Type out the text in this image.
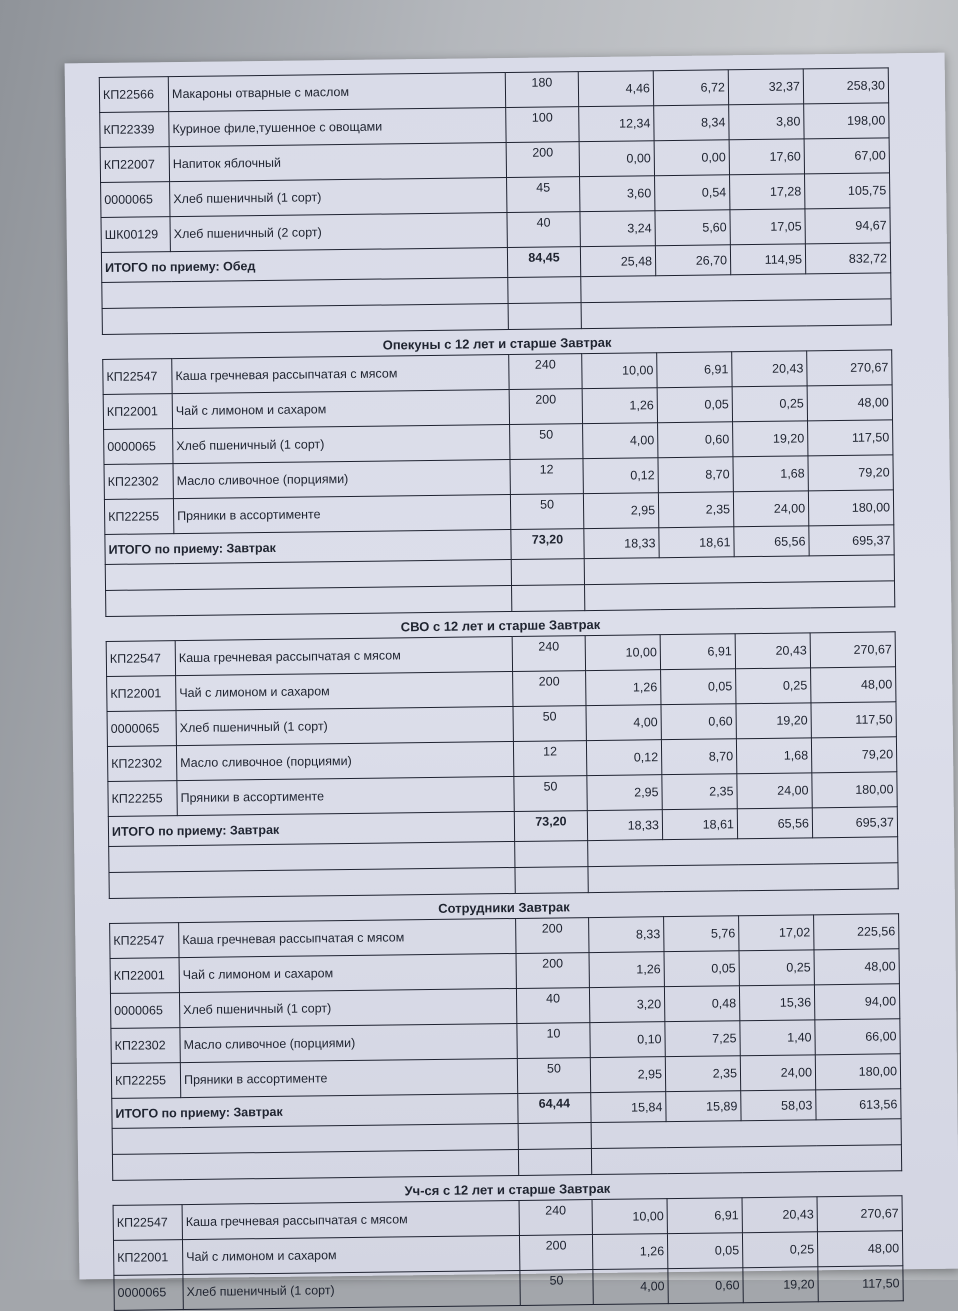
КП22566	Макароны отварные с маслом	180	4,46	6,72	32,37	258,30
КП22339	Куриное филе,тушенное с овощами	100	12,34	8,34	3,80	198,00
КП22007	Напиток яблочный	200	0,00	0,00	17,60	67,00
0000065	Хлеб пшеничный (1 сорт)	45	3,60	0,54	17,28	105,75
ШК00129	Хлеб пшеничный (2 сорт)	40	3,24	5,60	17,05	94,67
ИТОГО по приему: Обед		84,45	25,48	26,70	114,95	832,72

Опекуны с 12 лет и старше Завтрак
КП22547	Каша гречневая рассыпчатая с мясом	240	10,00	6,91	20,43	270,67
КП22001	Чай с лимоном и сахаром	200	1,26	0,05	0,25	48,00
0000065	Хлеб пшеничный (1 сорт)	50	4,00	0,60	19,20	117,50
КП22302	Масло сливочное (порциями)	12	0,12	8,70	1,68	79,20
КП22255	Пряники в ассортименте	50	2,95	2,35	24,00	180,00
ИТОГО по приему: Завтрак		73,20	18,33	18,61	65,56	695,37

СВО с 12 лет и старше Завтрак
КП22547	Каша гречневая рассыпчатая с мясом	240	10,00	6,91	20,43	270,67
КП22001	Чай с лимоном и сахаром	200	1,26	0,05	0,25	48,00
0000065	Хлеб пшеничный (1 сорт)	50	4,00	0,60	19,20	117,50
КП22302	Масло сливочное (порциями)	12	0,12	8,70	1,68	79,20
КП22255	Пряники в ассортименте	50	2,95	2,35	24,00	180,00
ИТОГО по приему: Завтрак		73,20	18,33	18,61	65,56	695,37

Сотрудники Завтрак
КП22547	Каша гречневая рассыпчатая с мясом	200	8,33	5,76	17,02	225,56
КП22001	Чай с лимоном и сахаром	200	1,26	0,05	0,25	48,00
0000065	Хлеб пшеничный (1 сорт)	40	3,20	0,48	15,36	94,00
КП22302	Масло сливочное (порциями)	10	0,10	7,25	1,40	66,00
КП22255	Пряники в ассортименте	50	2,95	2,35	24,00	180,00
ИТОГО по приему: Завтрак		64,44	15,84	15,89	58,03	613,56

Уч-ся с 12 лет и старше Завтрак
КП22547	Каша гречневая рассыпчатая с мясом	240	10,00	6,91	20,43	270,67
КП22001	Чай с лимоном и сахаром	200	1,26	0,05	0,25	48,00
0000065	Хлеб пшеничный (1 сорт)	50	4,00	0,60	19,20	117,50
